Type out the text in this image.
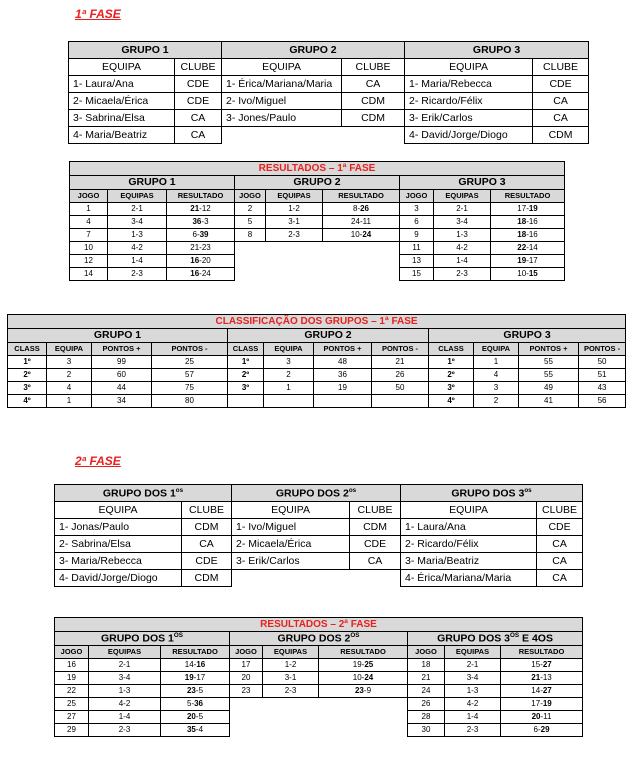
1ª FASE
GRUPO 1		GRUPO 2		GRUPO 3	
EQUIPA	CLUBE	EQUIPA	CLUBE	EQUIPA	CLUBE
1- Laura/Ana	CDE	1- Érica/Mariana/Maria	CA	1- Maria/Rebecca	CDE
2- Micaela/Érica	CDE	2- Ivo/Miguel	CDM	2- Ricardo/Félix	CA
3- Sabrina/Elsa	CA	3- Jones/Paulo	CDM	3- Erik/Carlos	CA
4- Maria/Beatriz	CA			4- David/Jorge/Diogo	CDM
RESULTADOS – 1ª FASE								
GRUPO 1			GRUPO 2			GRUPO 3		
JOGO	EQUIPAS	RESULTADO	JOGO	EQUIPAS	RESULTADO	JOGO	EQUIPAS	RESULTADO
1	2-1	21-12	2	1-2	8-26	3	2-1	17-19
4	3-4	36-3	5	3-1	24-11	6	3-4	18-16
7	1-3	6-39	8	2-3	10-24	9	1-3	18-16
10	4-2	21-23				11	4-2	22-14
12	1-4	16-20				13	1-4	19-17
14	2-3	16-24				15	2-3	10-15
CLASSIFICAÇÃO DOS GRUPOS – 1ª FASE											
GRUPO 1				GRUPO 2				GRUPO 3			
CLASS	EQUIPA	PONTOS +	PONTOS -	CLASS	EQUIPA	PONTOS +	PONTOS -	CLASS	EQUIPA	PONTOS +	PONTOS -
1º	3	99	25	1º	3	48	21	1º	1	55	50
2º	2	60	57	2º	2	36	26	2º	4	55	51
3º	4	44	75	3º	1	19	50	3º	3	49	43
4º	1	34	80					4º	2	41	56
2ª FASE
GRUPO DOS $1^{os}$		GRUPO DOS $2^{os}$		GRUPO DOS $3^{os}$
EQUIPA	CLUBE	EQUIPA	CLUBE	EQUIPA	CLUBE
1- Jonas/Paulo	CDM	1- Ivo/Miguel	CDM	1- Laura/Ana	CDE
2- Sabrina/Elsa	CA	2- Micaela/Érica	CDE	2- Ricardo/Félix	CA
3- Maria/Rebecca	CDE	3- Erik/Carlos	CA	3- Maria/Beatriz	CA
4- David/Jorge/Diogo	CDM			4- Érica/Mariana/Maria	CA
RESULTADOS – 2ª FASE								
GRUPO DOS $1^{OS}$			GRUPO DOS $2^{OS}$			GRUPO DOS $3^{OS}$ E 4OS		
JOGO	EQUIPAS	RESULTADO	JOGO	EQUIPAS	RESULTADO	JOGO	EQUIPAS	RESULTADO
16	2-1	14-16	17	1-2	19-25	18	2-1	15-27
19	3-4	19-17	20	3-1	10-24	21	3-4	21-13
22	1-3	23-5	23	2-3	23-9	24	1-3	14-27
25	4-2	5-36				26	4-2	17-19
27	1-4	20-5				28	1-4	20-11
29	2-3	35-4				30	2-3	6-29
